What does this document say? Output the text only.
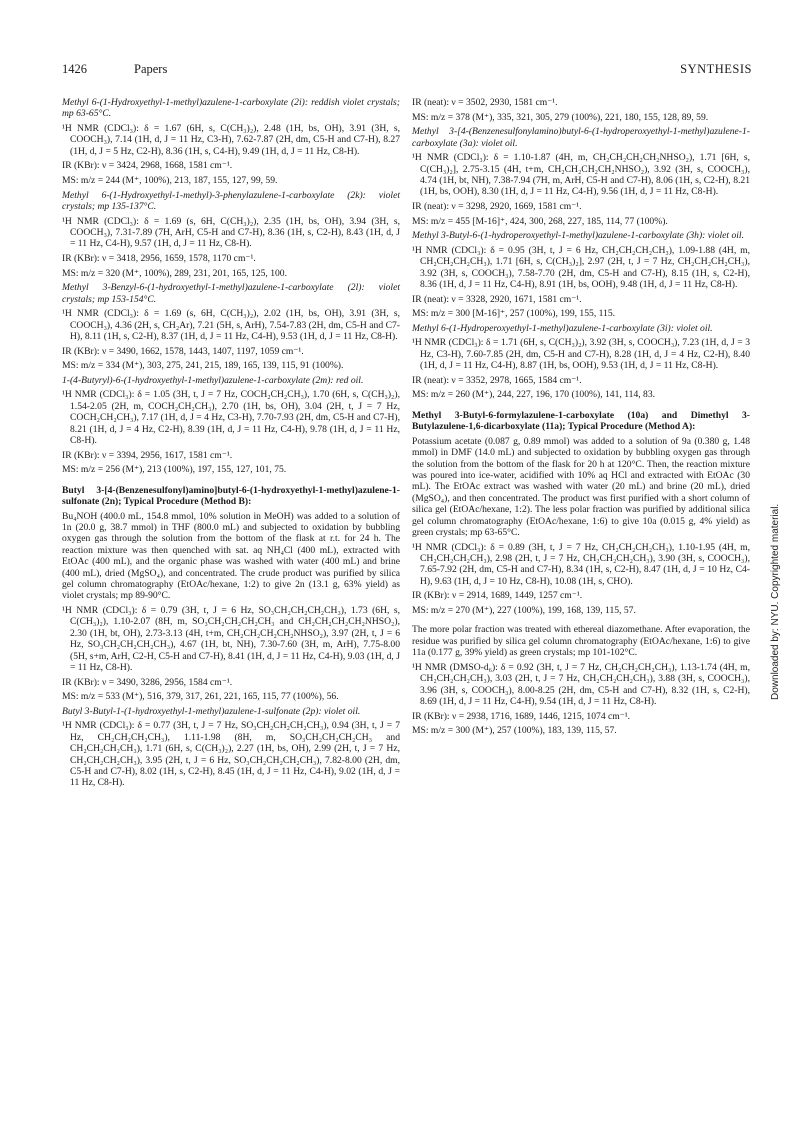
1426	Papers	SYNTHESIS

Methyl 6-(1-Hydroxyethyl-1-methyl)azulene-1-carboxylate (2i): reddish violet crystals; mp 63-65°C.

¹H NMR (CDCl₃): δ = 1.67 (6H, s, C(CH₃)₂), 2.48 (1H, bs, OH), 3.91 (3H, s, COOCH₃), 7.14 (1H, d, J = 11 Hz, C3-H), 7.62-7.87 (2H, dm, C5-H and C7-H), 8.27 (1H, d, J = 5 Hz, C2-H), 8.36 (1H, s, C4-H), 9.49 (1H, d, J = 11 Hz, C8-H).

IR (KBr): ν = 3424, 2968, 1668, 1581 cm⁻¹.

MS: m/z = 244 (M⁺, 100%), 213, 187, 155, 127, 99, 59.

Methyl 6-(1-Hydroxyethyl-1-methyl)-3-phenylazulene-1-carboxylate (2k): violet crystals; mp 135-137°C.

¹H NMR (CDCl₃): δ = 1.69 (s, 6H, C(CH₃)₂), 2.35 (1H, bs, OH), 3.94 (3H, s, COOCH₃), 7.31-7.89 (7H, ArH, C5-H and C7-H), 8.36 (1H, s, C2-H), 8.43 (1H, d, J = 11 Hz, C4-H), 9.57 (1H, d, J = 11 Hz, C8-H).

IR (KBr): ν = 3418, 2956, 1659, 1578, 1170 cm⁻¹.

MS: m/z = 320 (M⁺, 100%), 289, 231, 201, 165, 125, 100.

Methyl 3-Benzyl-6-(1-hydroxyethyl-1-methyl)azulene-1-carboxylate (2l): violet crystals; mp 153-154°C.

¹H NMR (CDCl₃): δ = 1.69 (s, 6H, C(CH₃)₂), 2.02 (1H, bs, OH), 3.91 (3H, s, COOCH₃), 4.36 (2H, s, CH₂Ar), 7.21 (5H, s, ArH), 7.54-7.83 (2H, dm, C5-H and C7-H), 8.11 (1H, s, C2-H), 8.37 (1H, d, J = 11 Hz, C4-H), 9.53 (1H, d, J = 11 Hz, C8-H).

IR (KBr): ν = 3490, 1662, 1578, 1443, 1407, 1197, 1059 cm⁻¹.

MS: m/z = 334 (M⁺), 303, 275, 241, 215, 189, 165, 139, 115, 91 (100%).

1-(4-Butyryl)-6-(1-hydroxyethyl-1-methyl)azulene-1-carboxylate (2m): red oil.

¹H NMR (CDCl₃): δ = 1.05 (3H, t, J = 7 Hz, COCH₂CH₂CH₃), 1.70 (6H, s, C(CH₃)₂), 1.54-2.05 (2H, m, COCH₂CH₂CH₃), 2.70 (1H, bs, OH), 3.04 (2H, t, J = 7 Hz, COCH₂CH₂CH₃), 7.17 (1H, d, J = 4 Hz, C3-H), 7.70-7.93 (2H, dm, C5-H and C7-H), 8.21 (1H, d, J = 4 Hz, C2-H), 8.39 (1H, d, J = 11 Hz, C4-H), 9.78 (1H, d, J = 11 Hz, C8-H).

IR (KBr): ν = 3394, 2956, 1617, 1581 cm⁻¹.

MS: m/z = 256 (M⁺), 213 (100%), 197, 155, 127, 101, 75.

Butyl 3-[4-(Benzenesulfonyl)amino]butyl-6-(1-hydroxyethyl-1-methyl)azulene-1-sulfonate (2n); Typical Procedure (Method B):

Bu₄NOH (400.0 mL, 154.8 mmol, 10% solution in MeOH) was added to a solution of 1n (20.0 g, 38.7 mmol) in THF (800.0 mL) and subjected to oxidation by bubbling oxygen gas through the solution from the bottom of the flask at r.t. for 24 h. The reaction mixture was then quenched with sat. aq NH₄Cl (400 mL), extracted with EtOAc (400 mL), and the organic phase was washed with water (400 mL) and brine (400 mL), dried (MgSO₄), and concentrated. The crude product was purified by silica gel column chromatography (EtOAc/hexane, 1:2) to give 2n (13.1 g, 63% yield) as violet crystals; mp 89-90°C.

¹H NMR (CDCl₃): δ = 0.79 (3H, t, J = 6 Hz, SO₃CH₂CH₂CH₂CH₃), 1.73 (6H, s, C(CH₃)₂), 1.10-2.07 (8H, m, SO₃CH₂CH₂CH₂CH₃ and CH₂CH₂CH₂CH₂NHSO₂), 2.30 (1H, bt, OH), 2.73-3.13 (4H, t+m, CH₂CH₂CH₂CH₂NHSO₂), 3.97 (2H, t, J = 6 Hz, SO₃CH₂CH₂CH₂CH₃), 4.67 (1H, bt, NH), 7.30-7.60 (3H, m, ArH), 7.75-8.00 (5H, s+m, ArH, C2-H, C5-H and C7-H), 8.41 (1H, d, J = 11 Hz, C4-H), 9.03 (1H, d, J = 11 Hz, C8-H).

IR (KBr): ν = 3490, 3286, 2956, 1584 cm⁻¹.

MS: m/z = 533 (M⁺), 516, 379, 317, 261, 221, 165, 115, 77 (100%), 56.

Butyl 3-Butyl-1-(1-hydroxyethyl-1-methyl)azulene-1-sulfonate (2p): violet oil.

¹H NMR (CDCl₃): δ = 0.77 (3H, t, J = 7 Hz, SO₃CH₂CH₂CH₂CH₃), 0.94 (3H, t, J = 7 Hz, CH₂CH₂CH₂CH₃), 1.11-1.98 (8H, m, SO₃CH₂CH₂CH₂CH₃ and CH₂CH₂CH₂CH₃), 1.71 (6H, s, C(CH₃)₂), 2.27 (1H, bs, OH), 2.99 (2H, t, J = 7 Hz, CH₂CH₂CH₂CH₃), 3.95 (2H, t, J = 6 Hz, SO₃CH₂CH₂CH₂CH₃), 7.82-8.00 (2H, dm, C5-H and C7-H), 8.02 (1H, s, C2-H), 8.45 (1H, d, J = 11 Hz, C4-H), 9.02 (1H, d, J = 11 Hz, C8-H).

IR (neat): ν = 3502, 2930, 1581 cm⁻¹.

MS: m/z = 378 (M⁺), 335, 321, 305, 279 (100%), 221, 180, 155, 128, 89, 59.

Methyl 3-[4-(Benzenesulfonylamino)butyl-6-(1-hydroperoxyethyl-1-methyl)azulene-1-carboxylate (3a): violet oil.

¹H NMR (CDCl₃): δ = 1.10-1.87 (4H, m, CH₂CH₂CH₂CH₂NHSO₂), 1.71 [6H, s, C(CH₃)₂], 2.75-3.15 (4H, t+m, CH₂CH₂CH₂CH₂NHSO₂), 3.92 (3H, s, COOCH₃), 4.74 (1H, bt, NH), 7.38-7.94 (7H, m, ArH, C5-H and C7-H), 8.06 (1H, s, C2-H), 8.21 (1H, bs, OOH), 8.30 (1H, d, J = 11 Hz, C4-H), 9.56 (1H, d, J = 11 Hz, C8-H).

IR (neat): ν = 3298, 2920, 1669, 1581 cm⁻¹.

MS: m/z = 455 [M-16]⁺, 424, 300, 268, 227, 185, 114, 77 (100%).

Methyl 3-Butyl-6-(1-hydroperoxyethyl-1-methyl)azulene-1-carboxylate (3h): violet oil.

¹H NMR (CDCl₃): δ = 0.95 (3H, t, J = 6 Hz, CH₂CH₂CH₂CH₃), 1.09-1.88 (4H, m, CH₂CH₂CH₂CH₃), 1.71 [6H, s, C(CH₃)₂], 2.97 (2H, t, J = 7 Hz, CH₂CH₂CH₂CH₃), 3.92 (3H, s, COOCH₃), 7.58-7.70 (2H, dm, C5-H and C7-H), 8.15 (1H, s, C2-H), 8.36 (1H, d, J = 11 Hz, C4-H), 8.91 (1H, bs, OOH), 9.48 (1H, d, J = 11 Hz, C8-H).

IR (neat): ν = 3328, 2920, 1671, 1581 cm⁻¹.

MS: m/z = 300 [M-16]⁺, 257 (100%), 199, 155, 115.

Methyl 6-(1-Hydroperoxyethyl-1-methyl)azulene-1-carboxylate (3i): violet oil.

¹H NMR (CDCl₃): δ = 1.71 (6H, s, C(CH₃)₂), 3.92 (3H, s, COOCH₃), 7.23 (1H, d, J = 3 Hz, C3-H), 7.60-7.85 (2H, dm, C5-H and C7-H), 8.28 (1H, d, J = 4 Hz, C2-H), 8.40 (1H, d, J = 11 Hz, C4-H), 8.87 (1H, bs, OOH), 9.53 (1H, d, J = 11 Hz, C8-H).

IR (neat): ν = 3352, 2978, 1665, 1584 cm⁻¹.

MS: m/z = 260 (M⁺), 244, 227, 196, 170 (100%), 141, 114, 83.

Methyl 3-Butyl-6-formylazulene-1-carboxylate (10a) and Dimethyl 3-Butylazulene-1,6-dicarboxylate (11a); Typical Procedure (Method A):

Potassium acetate (0.087 g, 0.89 mmol) was added to a solution of 9a (0.380 g, 1.48 mmol) in DMF (14.0 mL) and subjected to oxidation by bubbling oxygen gas through the solution from the bottom of the flask for 20 h at 120°C. Then, the reaction mixture was poured into ice-water, acidified with 10% aq HCl and extracted with EtOAc (30 mL). The EtOAc extract was washed with water (20 mL) and brine (20 mL), dried (MgSO₄), and then concentrated. The product was first purified with a short column of silica gel (EtOAc/hexane, 1:2). The less polar fraction was purified by additional silica gel column chromatography (EtOAc/hexane, 1:6) to give 10a (0.015 g, 4% yield) as green crystals; mp 63-65°C.

¹H NMR (CDCl₃): δ = 0.89 (3H, t, J = 7 Hz, CH₂CH₂CH₂CH₃), 1.10-1.95 (4H, m, CH₂CH₂CH₂CH₃), 2.98 (2H, t, J = 7 Hz, CH₂CH₂CH₂CH₃), 3.90 (3H, s, COOCH₃), 7.65-7.92 (2H, dm, C5-H and C7-H), 8.34 (1H, s, C2-H), 8.47 (1H, d, J = 10 Hz, C4-H), 9.63 (1H, d, J = 10 Hz, C8-H), 10.08 (1H, s, CHO).

IR (KBr): ν = 2914, 1689, 1449, 1257 cm⁻¹.

MS: m/z = 270 (M⁺), 227 (100%), 199, 168, 139, 115, 57.

The more polar fraction was treated with ethereal diazomethane. After evaporation, the residue was purified by silica gel column chromatography (EtOAc/hexane, 1:6) to give 11a (0.177 g, 39% yield) as green crystals; mp 101-102°C.

¹H NMR (DMSO-d₆): δ = 0.92 (3H, t, J = 7 Hz, CH₂CH₂CH₂CH₃), 1.13-1.74 (4H, m, CH₂CH₂CH₂CH₃), 3.03 (2H, t, J = 7 Hz, CH₂CH₂CH₂CH₃), 3.88 (3H, s, COOCH₃), 3.96 (3H, s, COOCH₃), 8.00-8.25 (2H, dm, C5-H and C7-H), 8.32 (1H, s, C2-H), 8.69 (1H, d, J = 11 Hz, C4-H), 9.54 (1H, d, J = 11 Hz, C8-H).

IR (KBr): ν = 2938, 1716, 1689, 1446, 1215, 1074 cm⁻¹.

MS: m/z = 300 (M⁺), 257 (100%), 183, 139, 115, 57.

Downloaded by: NYU. Copyrighted material.
